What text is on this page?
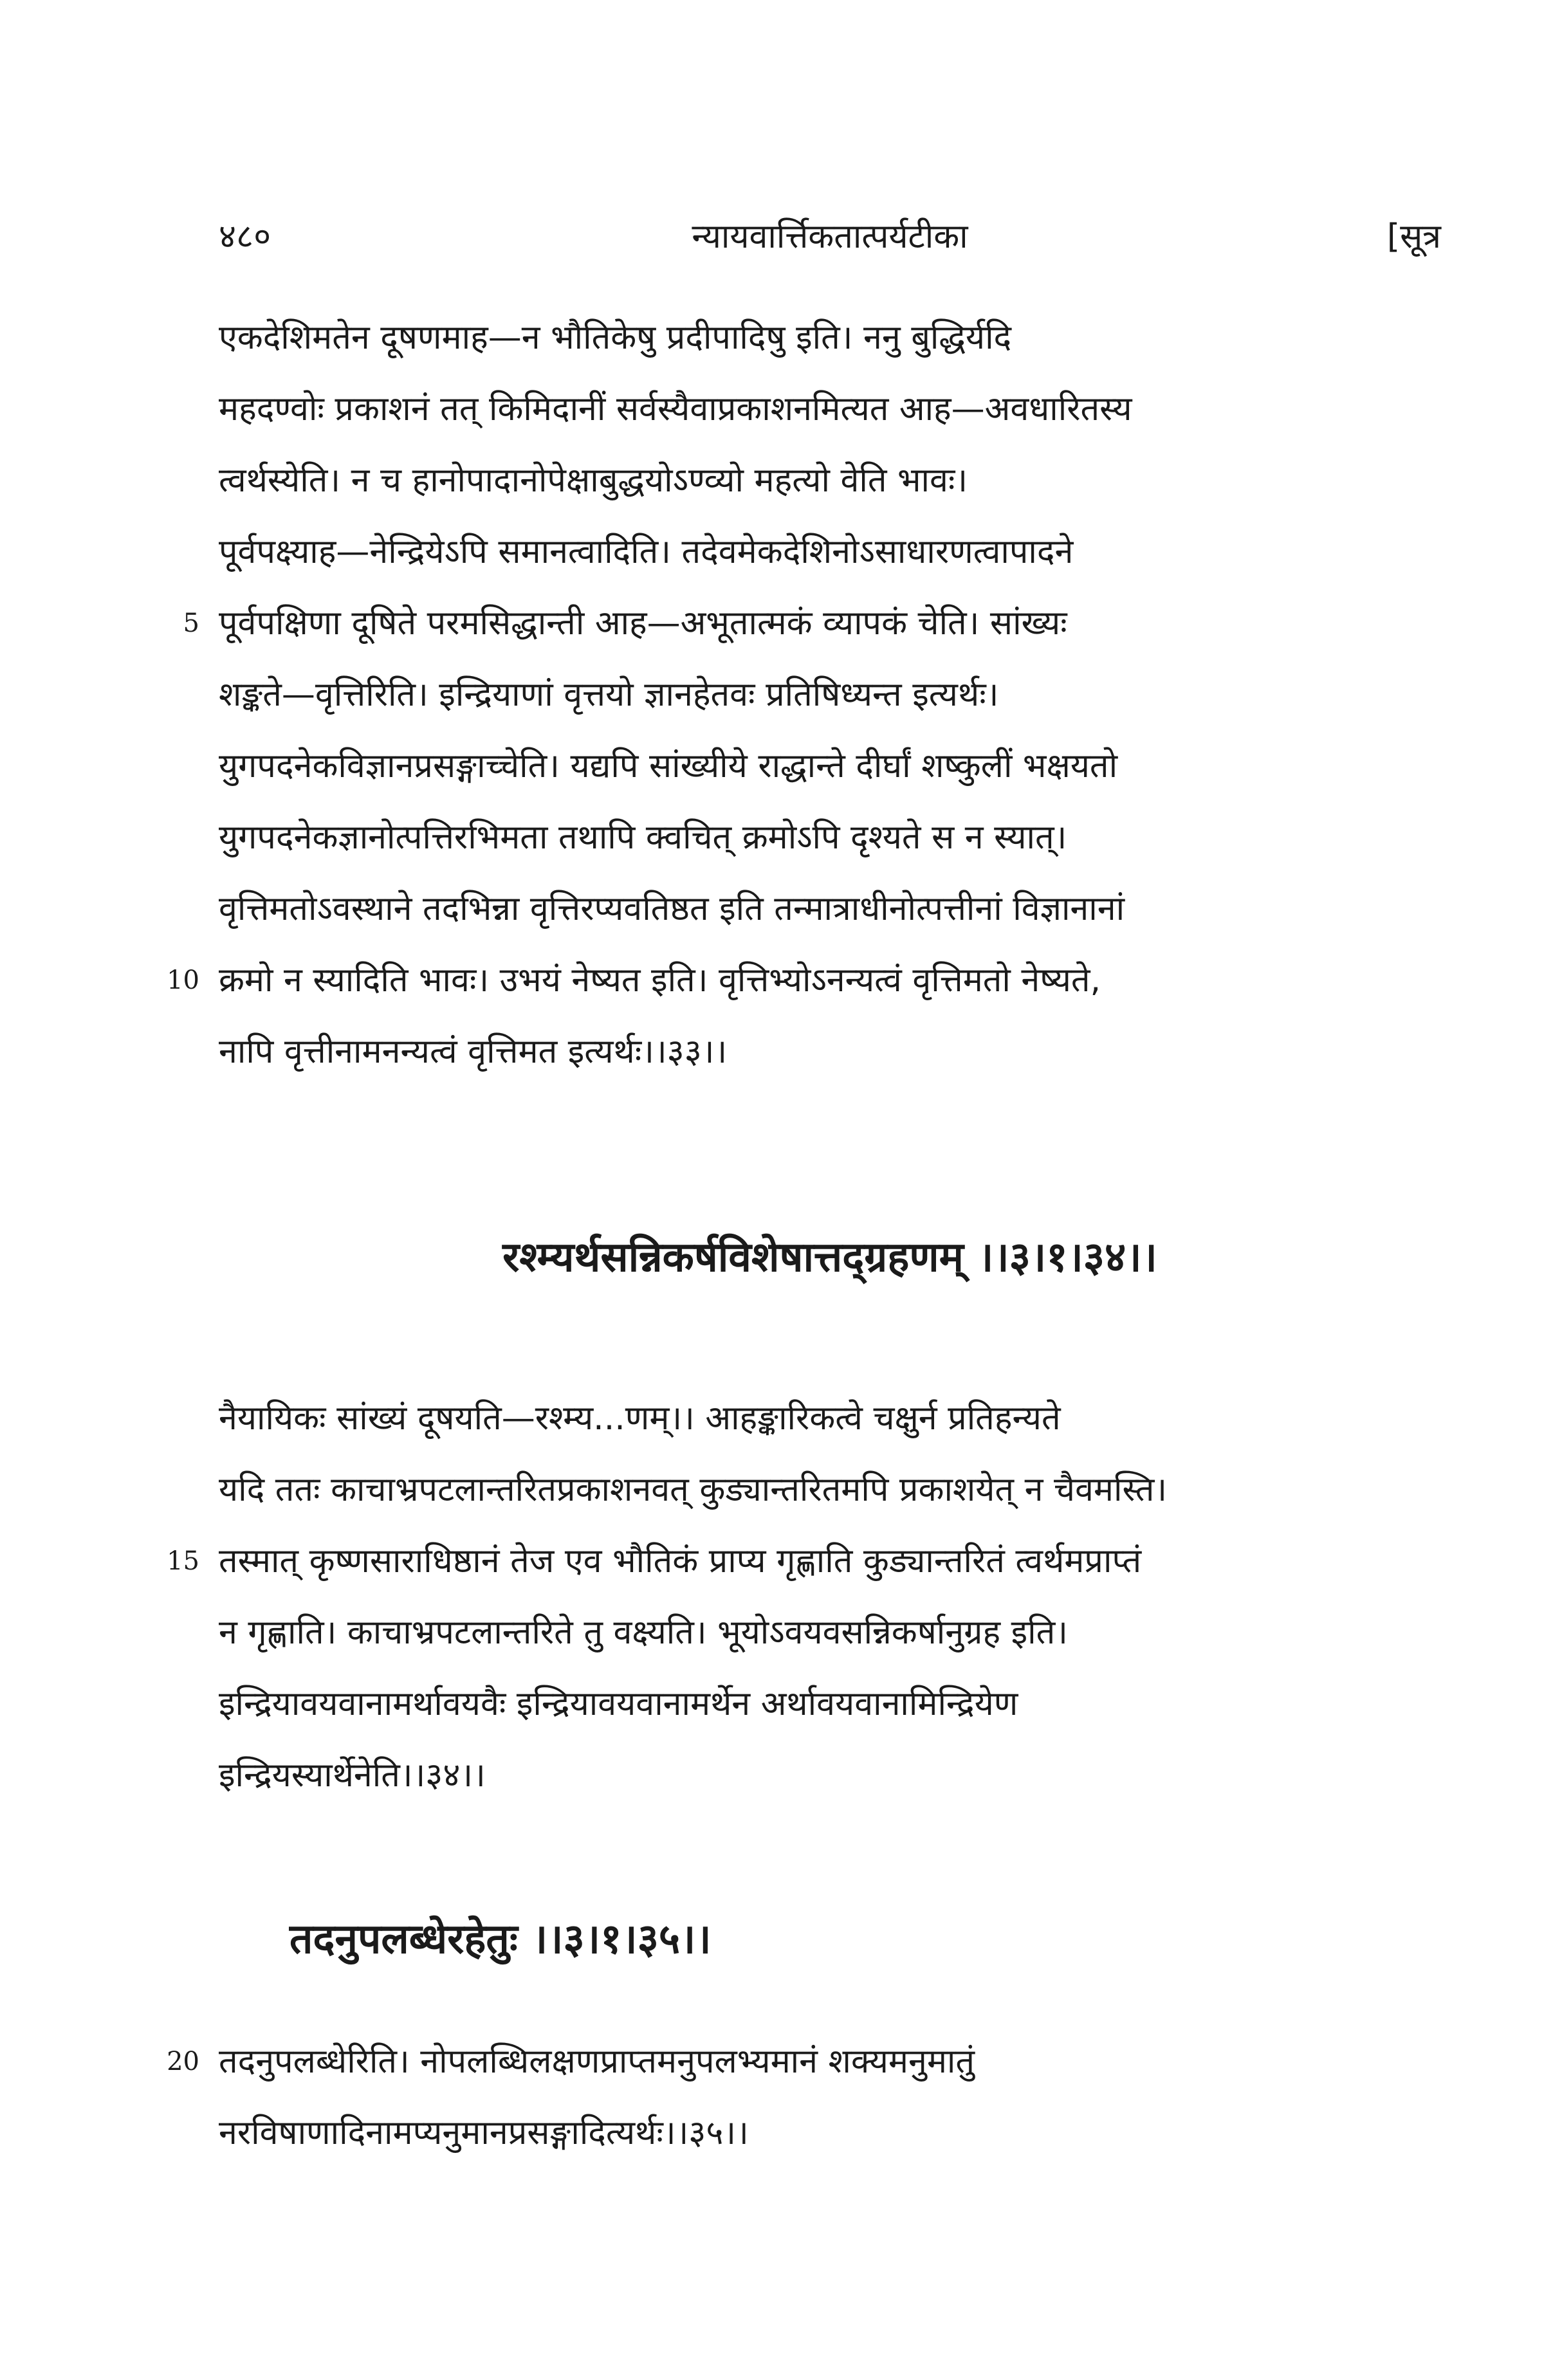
४८०	न्यायवार्त्तिकतात्पर्यटीका	[सूत्र
एकदेशिमतेन दूषणमाह—न भौतिकेषु प्रदीपादिषु इति। ननु बुद्धिर्यदि
महदण्वोः प्रकाशनं तत् किमिदानीं सर्वस्यैवाप्रकाशनमित्यत आह—अवधारितस्य
त्वर्थस्येति। न च हानोपादानोपेक्षाबुद्धयोऽण्व्यो महत्यो वेति भावः।
पूर्वपक्ष्याह—नेन्द्रियेऽपि समानत्वादिति। तदेवमेकदेशिनोऽसाधारणत्वापादने
पूर्वपक्षिणा दूषिते परमसिद्धान्ती आह—अभूतात्मकं व्यापकं चेति। सांख्यः
शङ्कते—वृत्तिरिति। इन्द्रियाणां वृत्तयो ज्ञानहेतवः प्रतिषिध्यन्त इत्यर्थः।
युगपदनेकविज्ञानप्रसङ्गाच्चेति। यद्यपि सांख्यीये राद्धान्ते दीर्घां शष्कुलीं भक्षयतो
युगपदनेकज्ञानोत्पत्तिरभिमता तथापि क्वचित् क्रमोऽपि दृश्यते स न स्यात्।
वृत्तिमतोऽवस्थाने तदभिन्ना वृत्तिरप्यवतिष्ठत इति तन्मात्राधीनोत्पत्तीनां विज्ञानानां
क्रमो न स्यादिति भावः। उभयं नेष्यत इति। वृत्तिभ्योऽनन्यत्वं वृत्तिमतो नेष्यते,
नापि वृत्तीनामनन्यत्वं वृत्तिमत इत्यर्थः।।३३।।
5
10
रश्म्यर्थसन्निकर्षविशेषात्तद्ग्रहणम् ।।३।१।३४।।
नैयायिकः सांख्यं दूषयति—रश्म्य...णम्।। आहङ्कारिकत्वे चक्षुर्न प्रतिहन्यते
यदि ततः काचाभ्रपटलान्तरितप्रकाशनवत् कुड्यान्तरितमपि प्रकाशयेत् न चैवमस्ति।
तस्मात् कृष्णसाराधिष्ठानं तेज एव भौतिकं प्राप्य गृह्णाति कुड्यान्तरितं त्वर्थमप्राप्तं
न गृह्णाति। काचाभ्रपटलान्तरिते तु वक्ष्यति। भूयोऽवयवसन्निकर्षानुग्रह इति।
इन्द्रियावयवानामर्थावयवैः इन्द्रियावयवानामर्थेन अर्थावयवानामिन्द्रियेण
इन्द्रियस्यार्थेनेति।।३४।।
15
तदनुपलब्धेरहेतुः ।।३।१।३५।।
तदनुपलब्धेरिति। नोपलब्धिलक्षणप्राप्तमनुपलभ्यमानं शक्यमनुमातुं
नरविषाणादिनामप्यनुमानप्रसङ्गादित्यर्थः।।३५।।
20
